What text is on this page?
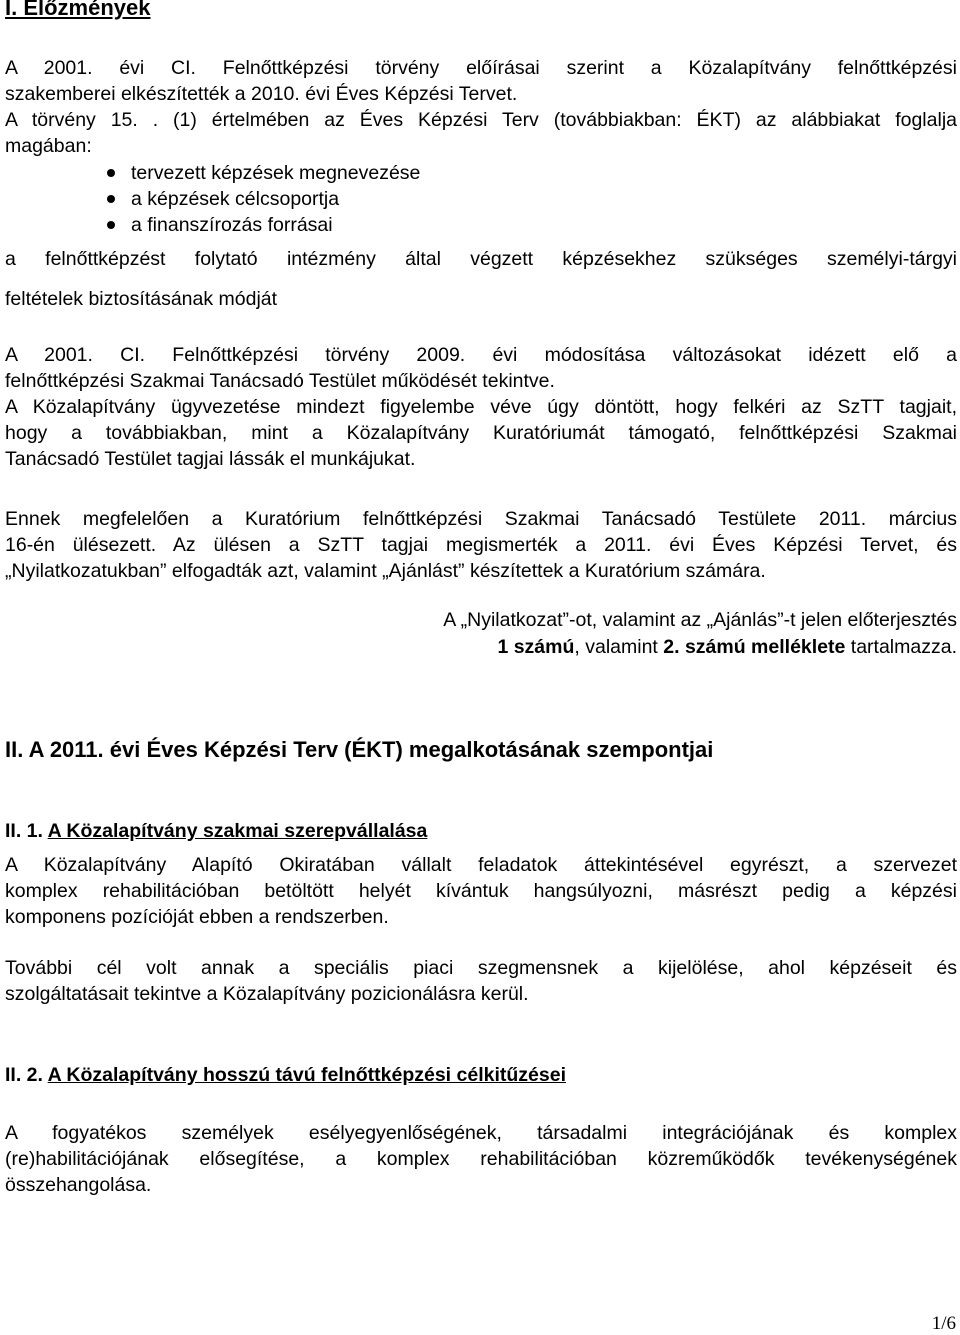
I. Előzmények
A 2001. évi CI. Felnőttképzési törvény előírásai szerint a Közalapítvány felnőttképzési
szakemberei elkészítették a 2010. évi Éves Képzési Tervet.
A törvény 15. . (1) értelmében az Éves Képzési Terv (továbbiakban: ÉKT) az alábbiakat foglalja
magában:
tervezett képzések megnevezése
a képzések célcsoportja
a finanszírozás forrásai
a felnőttképzést folytató intézmény által végzett képzésekhez szükséges személyi-tárgyi
feltételek biztosításának módját
A 2001. CI. Felnőttképzési törvény 2009. évi módosítása változásokat idézett elő a
felnőttképzési Szakmai Tanácsadó Testület működését tekintve.
A Közalapítvány ügyvezetése mindezt figyelembe véve úgy döntött, hogy felkéri az SzTT tagjait,
hogy a továbbiakban, mint a Közalapítvány Kuratóriumát támogató, felnőttképzési Szakmai
Tanácsadó Testület tagjai lássák el munkájukat.
Ennek megfelelően a Kuratórium felnőttképzési Szakmai Tanácsadó Testülete 2011. március
16-én ülésezett. Az ülésen a SzTT tagjai megismerték a 2011. évi Éves Képzési Tervet, és
„Nyilatkozatukban” elfogadták azt, valamint „Ajánlást” készítettek a Kuratórium számára.
A „Nyilatkozat”-ot, valamint az „Ajánlás”-t jelen előterjesztés
1 számú, valamint 2. számú melléklete tartalmazza.
II. A 2011. évi Éves Képzési Terv (ÉKT) megalkotásának szempontjai
II. 1. A Közalapítvány szakmai szerepvállalása
A Közalapítvány Alapító Okiratában vállalt feladatok áttekintésével egyrészt, a szervezet
komplex rehabilitációban betöltött helyét kívántuk hangsúlyozni, másrészt pedig a képzési
komponens pozícióját ebben a rendszerben.
További cél volt annak a speciális piaci szegmensnek a kijelölése, ahol képzéseit és
szolgáltatásait tekintve a Közalapítvány pozicionálásra kerül.
II. 2. A Közalapítvány hosszú távú felnőttképzési célkitűzései
A fogyatékos személyek esélyegyenlőségének, társadalmi integrációjának és komplex
(re)habilitációjának elősegítése, a komplex rehabilitációban közreműködők tevékenységének
összehangolása.
1/6
